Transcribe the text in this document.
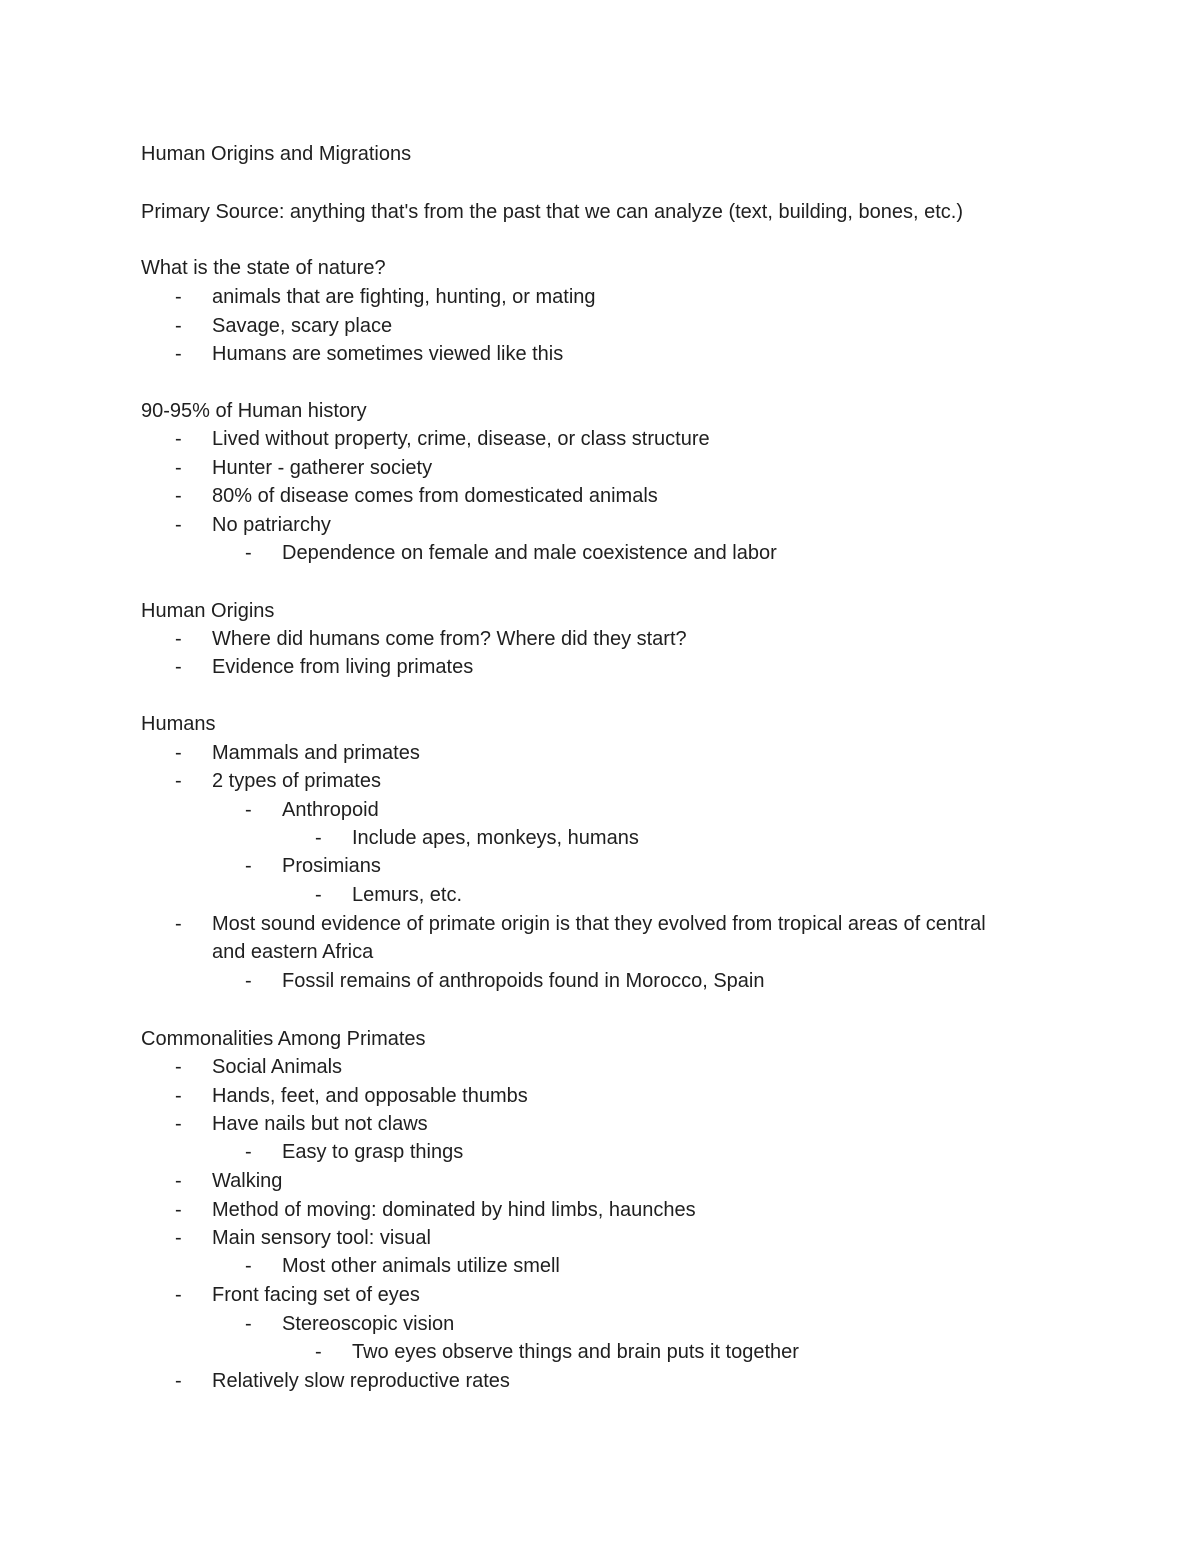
Human Origins and Migrations
Primary Source: anything that's from the past that we can analyze (text, building, bones, etc.)
What is the state of nature?
- animals that are fighting, hunting, or mating
- Savage, scary place
- Humans are sometimes viewed like this
90-95% of Human history
- Lived without property, crime, disease, or class structure
- Hunter - gatherer society
- 80% of disease comes from domesticated animals
- No patriarchy
- Dependence on female and male coexistence and labor
Human Origins
- Where did humans come from? Where did they start?
- Evidence from living primates
Humans
- Mammals and primates
- 2 types of primates
- Anthropoid
- Include apes, monkeys, humans
- Prosimians
- Lemurs, etc.
- Most sound evidence of primate origin is that they evolved from tropical areas of central
and eastern Africa
- Fossil remains of anthropoids found in Morocco, Spain
Commonalities Among Primates
- Social Animals
- Hands, feet, and opposable thumbs
- Have nails but not claws
- Easy to grasp things
- Walking
- Method of moving: dominated by hind limbs, haunches
- Main sensory tool: visual
- Most other animals utilize smell
- Front facing set of eyes
- Stereoscopic vision
- Two eyes observe things and brain puts it together
- Relatively slow reproductive rates
